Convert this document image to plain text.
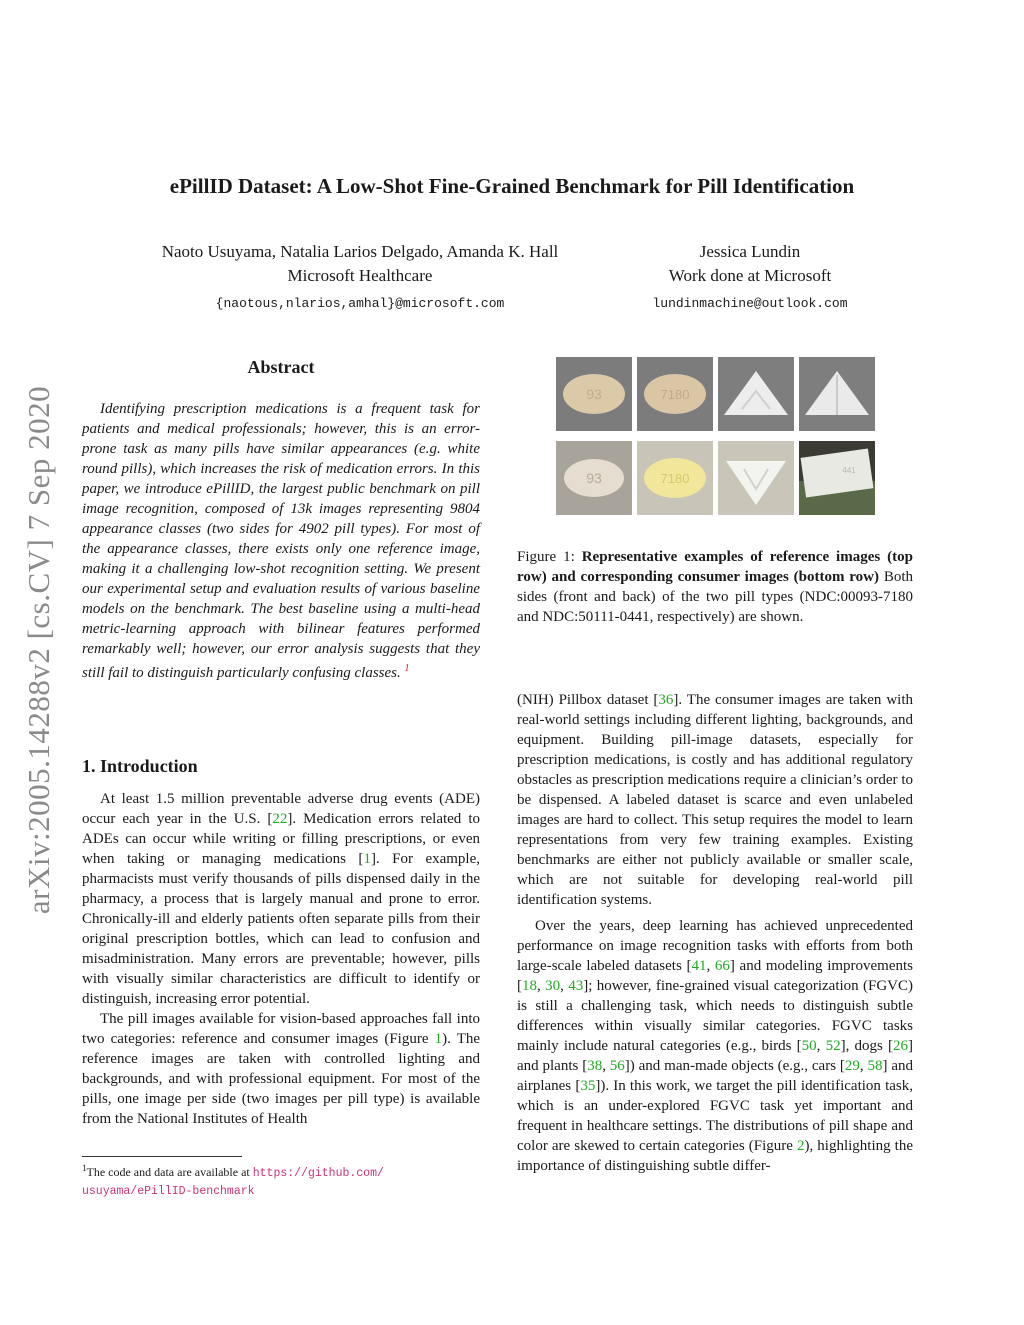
arXiv:2005.14288v2 [cs.CV] 7 Sep 2020
ePillID Dataset: A Low-Shot Fine-Grained Benchmark for Pill Identification
Naoto Usuyama, Natalia Larios Delgado, Amanda K. Hall
Microsoft Healthcare
{naotous,nlarios,amhal}@microsoft.com
Jessica Lundin
Work done at Microsoft
lundinmachine@outlook.com
Abstract

Identifying prescription medications is a frequent task for patients and medical professionals; however, this is an error-prone task as many pills have similar appearances (e.g. white round pills), which increases the risk of medication errors. In this paper, we introduce ePillID, the largest public benchmark on pill image recognition, composed of 13k images representing 9804 appearance classes (two sides for 4902 pill types). For most of the appearance classes, there exists only one reference image, making it a challenging low-shot recognition setting. We present our experimental setup and evaluation results of various baseline models on the benchmark. The best baseline using a multi-head metric-learning approach with bilinear features performed remarkably well; however, our error analysis suggests that they still fail to distinguish particularly confusing classes. $^1$

1. Introduction

At least 1.5 million preventable adverse drug events (ADE) occur each year in the U.S. [22]. Medication errors related to ADEs can occur while writing or filling prescriptions, or even when taking or managing medications [1]. For example, pharmacists must verify thousands of pills dispensed daily in the pharmacy, a process that is largely manual and prone to error. Chronically-ill and elderly patients often separate pills from their original prescription bottles, which can lead to confusion and misadministration. Many errors are preventable; however, pills with visually similar characteristics are difficult to identify or distinguish, increasing error potential.

The pill images available for vision-based approaches fall into two categories: reference and consumer images (Figure 1). The reference images are taken with controlled lighting and backgrounds, and with professional equipment. For most of the pills, one image per side (two images per pill type) is available from the National Institutes of Health

$^1$The code and data are available at https://github.com/
usuyama/ePillID-benchmark
93	7180
93	7180
441
Figure 1: Representative examples of reference images (top row) and corresponding consumer images (bottom row) Both sides (front and back) of the two pill types (NDC:00093-7180 and NDC:50111-0441, respectively) are shown.

(NIH) Pillbox dataset [36]. The consumer images are taken with real-world settings including different lighting, backgrounds, and equipment. Building pill-image datasets, especially for prescription medications, is costly and has additional regulatory obstacles as prescription medications require a clinician’s order to be dispensed. A labeled dataset is scarce and even unlabeled images are hard to collect. This setup requires the model to learn representations from very few training examples. Existing benchmarks are either not publicly available or smaller scale, which are not suitable for developing real-world pill identification systems.

Over the years, deep learning has achieved unprecedented performance on image recognition tasks with efforts from both large-scale labeled datasets [41, 66] and modeling improvements [18, 30, 43]; however, fine-grained visual categorization (FGVC) is still a challenging task, which needs to distinguish subtle differences within visually similar categories. FGVC tasks mainly include natural categories (e.g., birds [50, 52], dogs [26] and plants [38, 56]) and man-made objects (e.g., cars [29, 58] and airplanes [35]). In this work, we target the pill identification task, which is an under-explored FGVC task yet important and frequent in healthcare settings. The distributions of pill shape and color are skewed to certain categories (Figure 2), highlighting the importance of distinguishing subtle differ-
